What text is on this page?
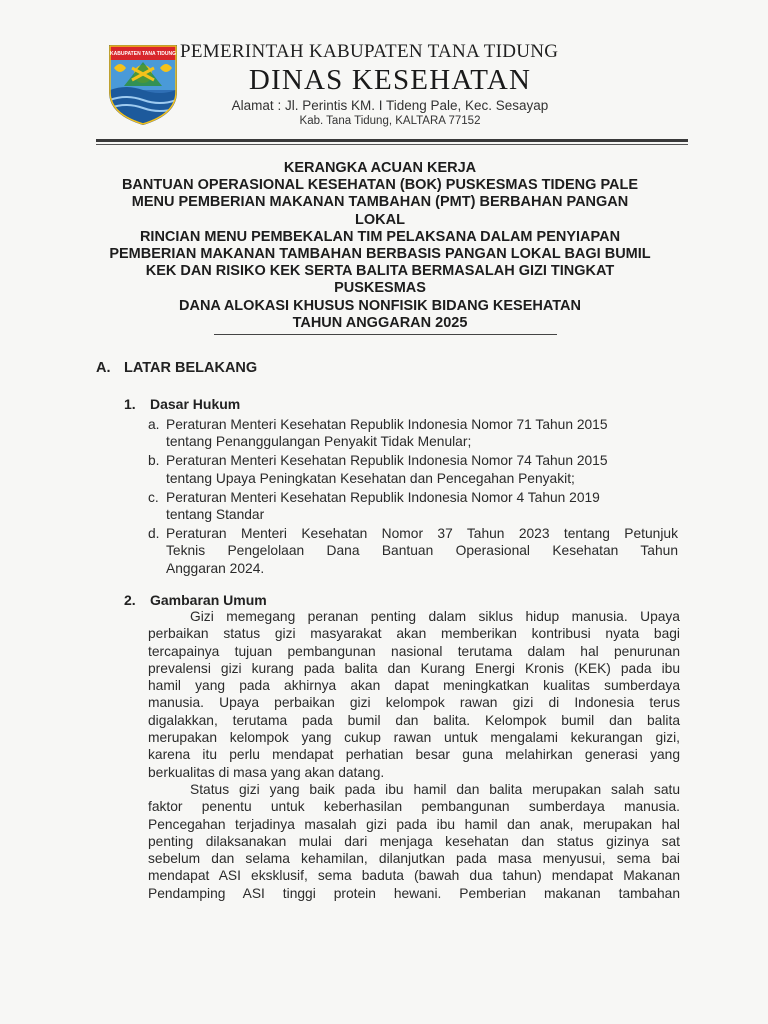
KABUPATEN TANA TIDUNG PEMERINTAH KABUPATEN TANA TIDUNG
DINAS KESEHATAN
Alamat : Jl. Perintis KM. I Tideng Pale, Kec. Sesayap
Kab. Tana Tidung, KALTARA 77152
KERANGKA ACUAN KERJA
BANTUAN OPERASIONAL KESEHATAN (BOK) PUSKESMAS TIDENG PALE
MENU PEMBERIAN MAKANAN TAMBAHAN (PMT) BERBAHAN PANGAN
LOKAL
RINCIAN MENU PEMBEKALAN TIM PELAKSANA DALAM PENYIAPAN
PEMBERIAN MAKANAN TAMBAHAN BERBASIS PANGAN LOKAL BAGI BUMIL
KEK DAN RISIKO KEK SERTA BALITA BERMASALAH GIZI TINGKAT
PUSKESMAS
DANA ALOKASI KHUSUS NONFISIK BIDANG KESEHATAN
TAHUN ANGGARAN 2025
A. LATAR BELAKANG
1. Dasar Hukum
a. Peraturan Menteri Kesehatan Republik Indonesia Nomor 71 Tahun 2015
tentang Penanggulangan Penyakit Tidak Menular;
b. Peraturan Menteri Kesehatan Republik Indonesia Nomor 74 Tahun 2015
tentang Upaya Peningkatan Kesehatan dan Pencegahan Penyakit;
c. Peraturan Menteri Kesehatan Republik Indonesia Nomor 4 Tahun 2019
tentang Standar
d. Peraturan Menteri Kesehatan Nomor 37 Tahun 2023 tentang Petunjuk
Teknis Pengelolaan Dana Bantuan Operasional Kesehatan Tahun
Anggaran 2024.
2. Gambaran Umum
Gizi memegang peranan penting dalam siklus hidup manusia. Upaya
perbaikan status gizi masyarakat akan memberikan kontribusi nyata bagi
tercapainya tujuan pembangunan nasional terutama dalam hal penurunan
prevalensi gizi kurang pada balita dan Kurang Energi Kronis (KEK) pada ibu
hamil yang pada akhirnya akan dapat meningkatkan kualitas sumberdaya
manusia. Upaya perbaikan gizi kelompok rawan gizi di Indonesia terus
digalakkan, terutama pada bumil dan balita. Kelompok bumil dan balita
merupakan kelompok yang cukup rawan untuk mengalami kekurangan gizi,
karena itu perlu mendapat perhatian besar guna melahirkan generasi yang
berkualitas di masa yang akan datang.
Status gizi yang baik pada ibu hamil dan balita merupakan salah satu
faktor penentu untuk keberhasilan pembangunan sumberdaya manusia.
Pencegahan terjadinya masalah gizi pada ibu hamil dan anak, merupakan hal
penting dilaksanakan mulai dari menjaga kesehatan dan status gizinya sat
sebelum dan selama kehamilan, dilanjutkan pada masa menyusui, sema bai
mendapat ASI eksklusif, sema baduta (bawah dua tahun) mendapat Makanan
Pendamping ASI tinggi protein hewani. Pemberian makanan tambahan
